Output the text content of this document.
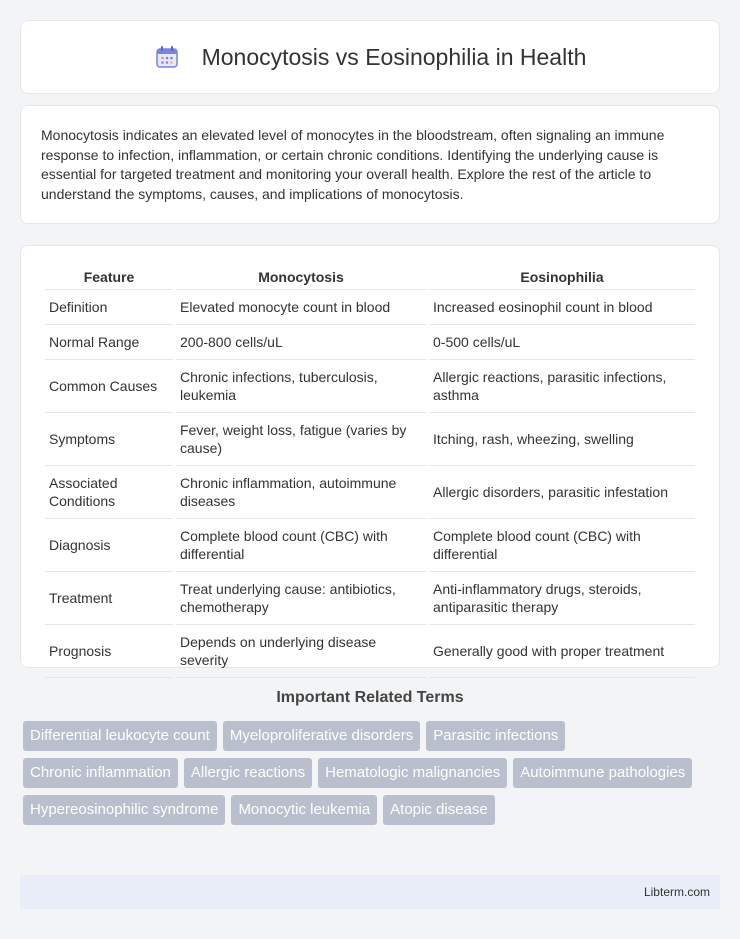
Monocytosis vs Eosinophilia in Health

Monocytosis indicates an elevated level of monocytes in the bloodstream, often signaling an immune response to infection, inflammation, or certain chronic conditions. Identifying the underlying cause is essential for targeted treatment and monitoring your overall health. Explore the rest of the article to understand the symptoms, causes, and implications of monocytosis.

Feature	Monocytosis	Eosinophilia
Definition	Elevated monocyte count in blood	Increased eosinophil count in blood
Normal Range	200-800 cells/uL	0-500 cells/uL
Common Causes	Chronic infections, tuberculosis, leukemia	Allergic reactions, parasitic infections, asthma
Symptoms	Fever, weight loss, fatigue (varies by cause)	Itching, rash, wheezing, swelling
Associated Conditions	Chronic inflammation, autoimmune diseases	Allergic disorders, parasitic infestation
Diagnosis	Complete blood count (CBC) with differential	Complete blood count (CBC) with differential
Treatment	Treat underlying cause: antibiotics, chemotherapy	Anti-inflammatory drugs, steroids, antiparasitic therapy
Prognosis	Depends on underlying disease severity	Generally good with proper treatment
Important Related Terms
Differential leukocyte count	Myeloproliferative disorders	Parasitic infections
Chronic inflammation	Allergic reactions	Hematologic malignancies	Autoimmune pathologies
Hypereosinophilic syndrome	Monocytic leukemia	Atopic disease
Libterm.com
